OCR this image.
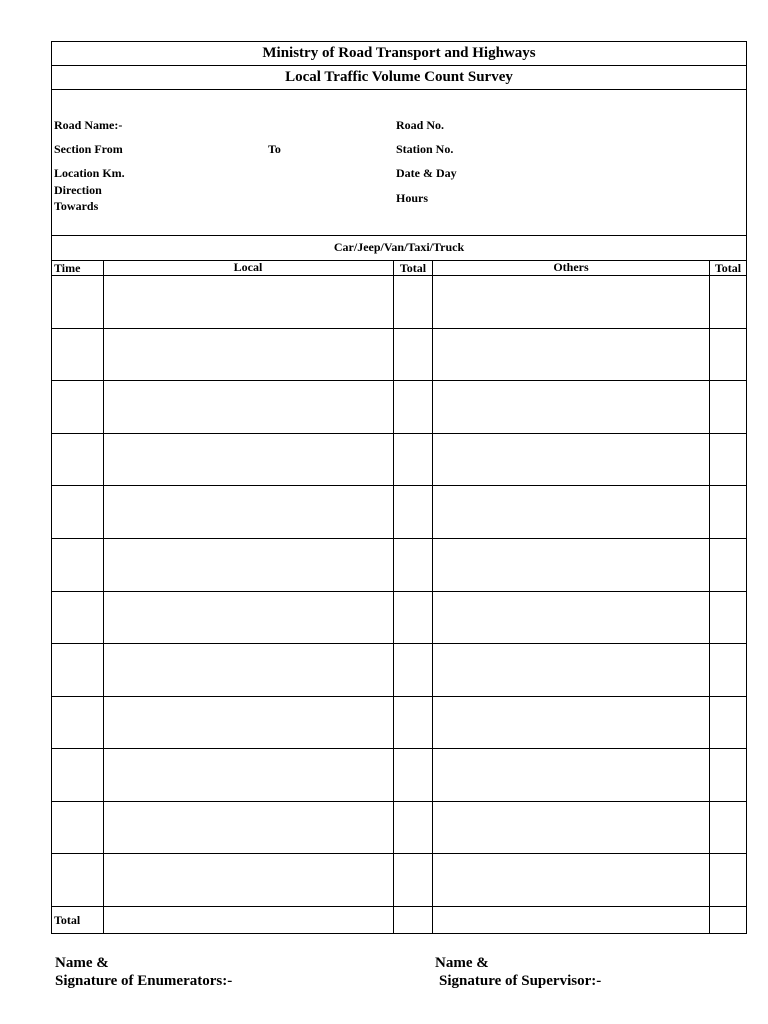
Ministry of Road Transport and Highways
Local Traffic Volume Count Survey
Road Name:-
Section From	To
Location Km.
Direction
Towards
Road No.
Station No.
Date & Day
Hours
Car/Jeep/Van/Taxi/Truck
Time	Local	Total	Others	Total
Total
Name &
Signature of Enumerators:-
Name &
Signature of Supervisor:-
